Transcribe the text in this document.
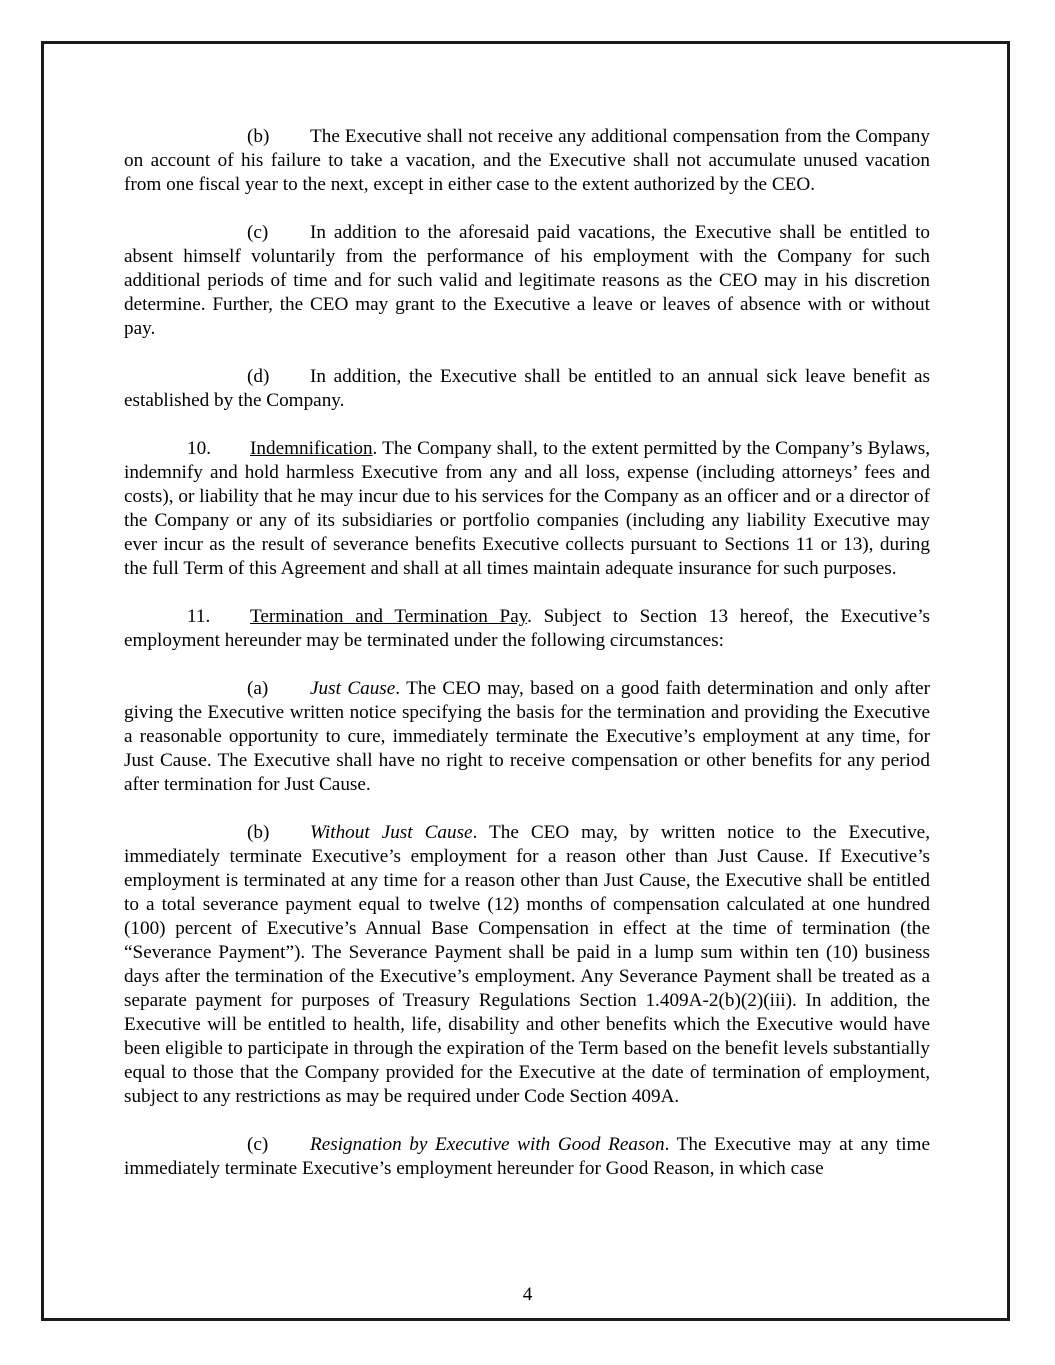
(b) The Executive shall not receive any additional compensation from the Company on account of his failure to take a vacation, and the Executive shall not accumulate unused vacation from one fiscal year to the next, except in either case to the extent authorized by the CEO.

(c) In addition to the aforesaid paid vacations, the Executive shall be entitled to absent himself voluntarily from the performance of his employment with the Company for such additional periods of time and for such valid and legitimate reasons as the CEO may in his discretion determine. Further, the CEO may grant to the Executive a leave or leaves of absence with or without pay.

(d) In addition, the Executive shall be entitled to an annual sick leave benefit as established by the Company.

10. Indemnification. The Company shall, to the extent permitted by the Company’s Bylaws, indemnify and hold harmless Executive from any and all loss, expense (including attorneys’ fees and costs), or liability that he may incur due to his services for the Company as an officer and or a director of the Company or any of its subsidiaries or portfolio companies (including any liability Executive may ever incur as the result of severance benefits Executive collects pursuant to Sections 11 or 13), during the full Term of this Agreement and shall at all times maintain adequate insurance for such purposes.

11. Termination and Termination Pay. Subject to Section 13 hereof, the Executive’s employment hereunder may be terminated under the following circumstances:

(a) Just Cause. The CEO may, based on a good faith determination and only after giving the Executive written notice specifying the basis for the termination and providing the Executive a reasonable opportunity to cure, immediately terminate the Executive’s employment at any time, for Just Cause. The Executive shall have no right to receive compensation or other benefits for any period after termination for Just Cause.

(b) Without Just Cause. The CEO may, by written notice to the Executive, immediately terminate Executive’s employment for a reason other than Just Cause. If Executive’s employment is terminated at any time for a reason other than Just Cause, the Executive shall be entitled to a total severance payment equal to twelve (12) months of compensation calculated at one hundred (100) percent of Executive’s Annual Base Compensation in effect at the time of termination (the “Severance Payment”). The Severance Payment shall be paid in a lump sum within ten (10) business days after the termination of the Executive’s employment. Any Severance Payment shall be treated as a separate payment for purposes of Treasury Regulations Section 1.409A-2(b)(2)(iii). In addition, the Executive will be entitled to health, life, disability and other benefits which the Executive would have been eligible to participate in through the expiration of the Term based on the benefit levels substantially equal to those that the Company provided for the Executive at the date of termination of employment, subject to any restrictions as may be required under Code Section 409A.

(c) Resignation by Executive with Good Reason. The Executive may at any time immediately terminate Executive’s employment hereunder for Good Reason, in which case

4
